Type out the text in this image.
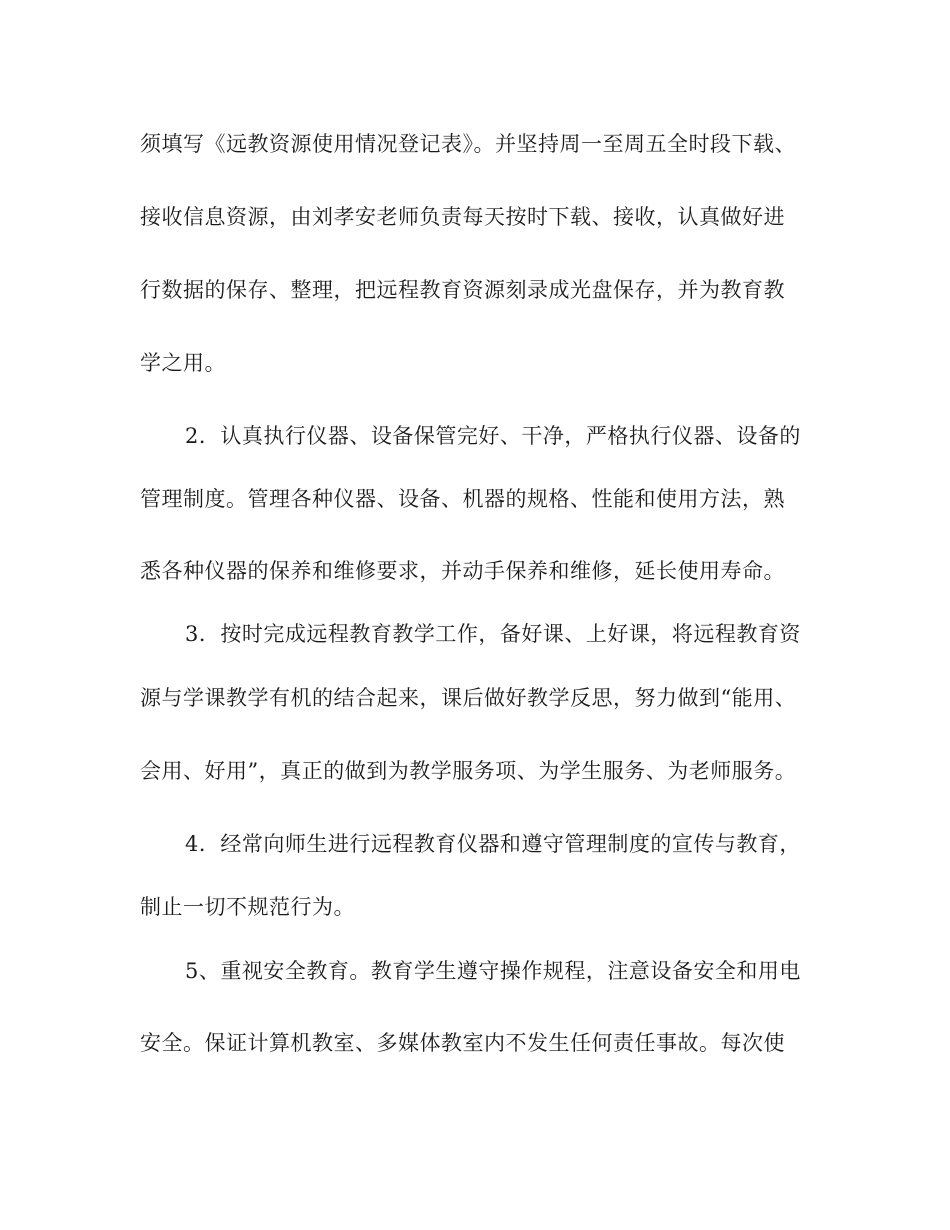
须填写《远教资源使用情况登记表》。并坚持周一至周五全时段下载、
接收信息资源，由刘孝安老师负责每天按时下载、接收，认真做好进
行数据的保存、整理，把远程教育资源刻录成光盘保存，并为教育教
学之用。
2．认真执行仪器、设备保管完好、干净，严格执行仪器、设备的
管理制度。管理各种仪器、设备、机器的规格、性能和使用方法，熟
悉各种仪器的保养和维修要求，并动手保养和维修，延长使用寿命。
3．按时完成远程教育教学工作，备好课、上好课，将远程教育资
源与学课教学有机的结合起来，课后做好教学反思，努力做到“能用、
会用、好用”，真正的做到为教学服务项、为学生服务、为老师服务。
4．经常向师生进行远程教育仪器和遵守管理制度的宣传与教育，
制止一切不规范行为。
5、重视安全教育。教育学生遵守操作规程，注意设备安全和用电
安全。保证计算机教室、多媒体教室内不发生任何责任事故。每次使
